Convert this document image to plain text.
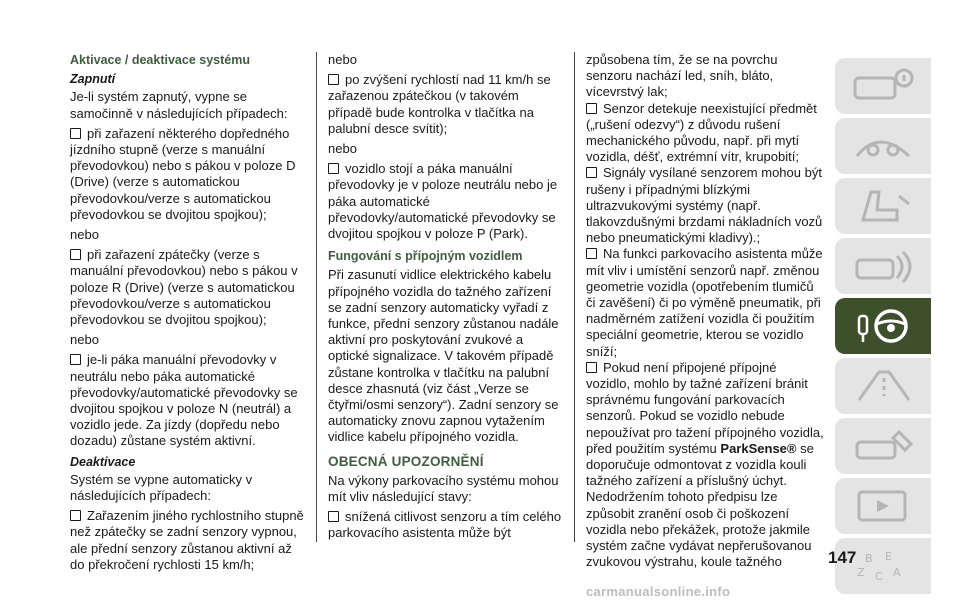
Aktivace / deaktivace systému
Zapnutí
Je-li systém zapnutý, vypne se samočinně v následujících případech:
při zařazení některého dopředného jízdního stupně (verze s manuální převodovkou) nebo s pákou v poloze D (Drive) (verze s automatickou převodovkou/verze s automatickou převodovkou se dvojitou spojkou);
nebo
při zařazení zpátečky (verze s manuální převodovkou) nebo s pákou v poloze R (Drive) (verze s automatickou převodovkou/verze s automatickou převodovkou se dvojitou spojkou);
nebo
je-li páka manuální převodovky v neutrálu nebo páka automatické převodovky/automatické převodovky se dvojitou spojkou v poloze N (neutrál) a vozidlo jede. Za jízdy (dopředu nebo dozadu) zůstane systém aktivní.
Deaktivace
Systém se vypne automaticky v následujících případech:
Zařazením jiného rychlostního stupně než zpátečky se zadní senzory vypnou, ale přední senzory zůstanou aktivní až do překročení rychlosti 15 km/h;
nebo
po zvýšení rychlostí nad 11 km/h se zařazenou zpátečkou (v takovém případě bude kontrolka v tlačítka na palubní desce svítit);
nebo
vozidlo stojí a páka manuální převodovky je v poloze neutrálu nebo je páka automatické převodovky/automatické převodovky se dvojitou spojkou v poloze P (Park).
Fungování s přípojným vozidlem
Při zasunutí vidlice elektrického kabelu přípojného vozidla do tažného zařízení se zadní senzory automaticky vyřadí z funkce, přední senzory zůstanou nadále aktivní pro poskytování zvukové a optické signalizace. V takovém případě zůstane kontrolka v tlačítku na palubní desce zhasnutá (viz část „Verze se čtyřmi/osmi senzory“). Zadní senzory se automaticky znovu zapnou vytažením vidlice kabelu přípojného vozidla.
OBECNÁ UPOZORNĚNÍ
Na výkony parkovacího systému mohou mít vliv následující stavy:
snížená citlivost senzoru a tím celého parkovacího asistenta může být
způsobena tím, že se na povrchu senzoru nachází led, sníh, bláto, vícevrstvý lak;
Senzor detekuje neexistující předmět („rušení odezvy“) z důvodu rušení mechanického původu, např. při mytí vozidla, déšť, extrémní vítr, krupobití;
Signály vysílané senzorem mohou být rušeny i případnými blízkými ultrazvukovými systémy (např. tlakovzdušnými brzdami nákladních vozů nebo pneumatickými kladivy).;
Na funkci parkovacího asistenta může mít vliv i umístění senzorů např. změnou geometrie vozidla (opotřebením tlumičů či zavěšení) či po výměně pneumatik, při nadměrném zatížení vozidla či použitím speciální geometrie, kterou se vozidlo sníží;
Pokud není připojené přípojné vozidlo, mohlo by tažné zařízení bránit správnému fungování parkovacích senzorů. Pokud se vozidlo nebude nepoužívat pro tažení přípojného vozidla, před použitím systému ParkSense® se doporučuje odmontovat z vozidla kouli tažného zařízení a příslušný úchyt. Nedodržením tohoto předpisu lze způsobit zranění osob či poškození vozidla nebo překážek, protože jakmile systém začne vydávat nepřerušovanou zvukovou výstrahu, koule tažného	B E
Z C A
147
carmanualsonline.info
